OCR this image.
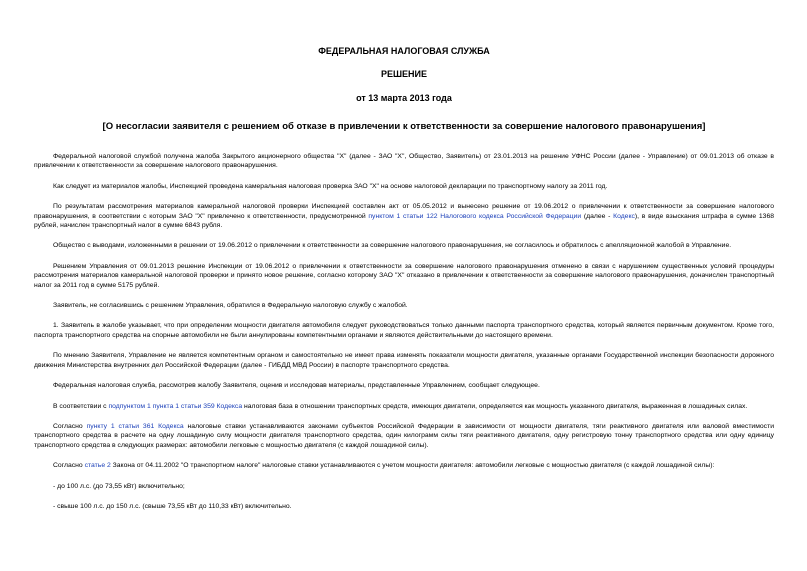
ФЕДЕРАЛЬНАЯ НАЛОГОВАЯ СЛУЖБА
РЕШЕНИЕ
от 13 марта 2013 года
[О несогласии заявителя с решением об отказе в привлечении к ответственности за совершение налогового правонарушения]
Федеральной налоговой службой получена жалоба Закрытого акционерного общества "X" (далее - ЗАО "X", Общество, Заявитель) от 23.01.2013 на решение УФНС России (далее - Управление) от 09.01.2013 об отказе в привлечении к ответственности за совершение налогового правонарушения.
Как следует из материалов жалобы, Инспекцией проведена камеральная налоговая проверка ЗАО "X" на основе налоговой декларации по транспортному налогу за 2011 год.
По результатам рассмотрения материалов камеральной налоговой проверки Инспекцией составлен акт от 05.05.2012 и вынесено решение от 19.06.2012 о привлечении к ответственности за совершение налогового правонарушения, в соответствии с которым ЗАО "X" привлечено к ответственности, предусмотренной пунктом 1 статьи 122 Налогового кодекса Российской Федерации (далее - Кодекс), в виде взыскания штрафа в сумме 1368 рублей, начислен транспортный налог в сумме 6843 рубля.
Общество с выводами, изложенными в решении от 19.06.2012 о привлечении к ответственности за совершение налогового правонарушения, не согласилось и обратилось с апелляционной жалобой в Управление.
Решением Управления от 09.01.2013 решение Инспекции от 19.06.2012 о привлечении к ответственности за совершение налогового правонарушения отменено в связи с нарушением существенных условий процедуры рассмотрения материалов камеральной налоговой проверки и принято новое решение, согласно которому ЗАО "X" отказано в привлечении к ответственности за совершение налогового правонарушения, доначислен транспортный налог за 2011 год в сумме 5175 рублей.
Заявитель, не согласившись с решением Управления, обратился в Федеральную налоговую службу с жалобой.
1. Заявитель в жалобе указывает, что при определении мощности двигателя автомобиля следует руководствоваться только данными паспорта транспортного средства, который является первичным документом. Кроме того, паспорта транспортного средства на спорные автомобили не были аннулированы компетентными органами и являются действительными до настоящего времени.
По мнению Заявителя, Управление не является компетентным органом и самостоятельно не имеет права изменять показатели мощности двигателя, указанные органами Государственной инспекции безопасности дорожного движения Министерства внутренних дел Российской Федерации (далее - ГИБДД МВД России) в паспорте транспортного средства.
Федеральная налоговая служба, рассмотрев жалобу Заявителя, оценив и исследовав материалы, представленные Управлением, сообщает следующее.
В соответствии с подпунктом 1 пункта 1 статьи 359 Кодекса налоговая база в отношении транспортных средств, имеющих двигатели, определяется как мощность указанного двигателя, выраженная в лошадиных силах.
Согласно пункту 1 статьи 361 Кодекса налоговые ставки устанавливаются законами субъектов Российской Федерации в зависимости от мощности двигателя, тяги реактивного двигателя или валовой вместимости транспортного средства в расчете на одну лошадиную силу мощности двигателя транспортного средства, один килограмм силы тяги реактивного двигателя, одну регистровую тонну транспортного средства или одну единицу транспортного средства в следующих размерах: автомобили легковые с мощностью двигателя (с каждой лошадиной силы).
Согласно статье 2 Закона от 04.11.2002 "О транспортном налоге" налоговые ставки устанавливаются с учетом мощности двигателя: автомобили легковые с мощностью двигателя (с каждой лошадиной силы):
- до 100 л.с. (до 73,55 кВт) включительно;
- свыше 100 л.с. до 150 л.с. (свыше 73,55 кВт до 110,33 кВт) включительно.
